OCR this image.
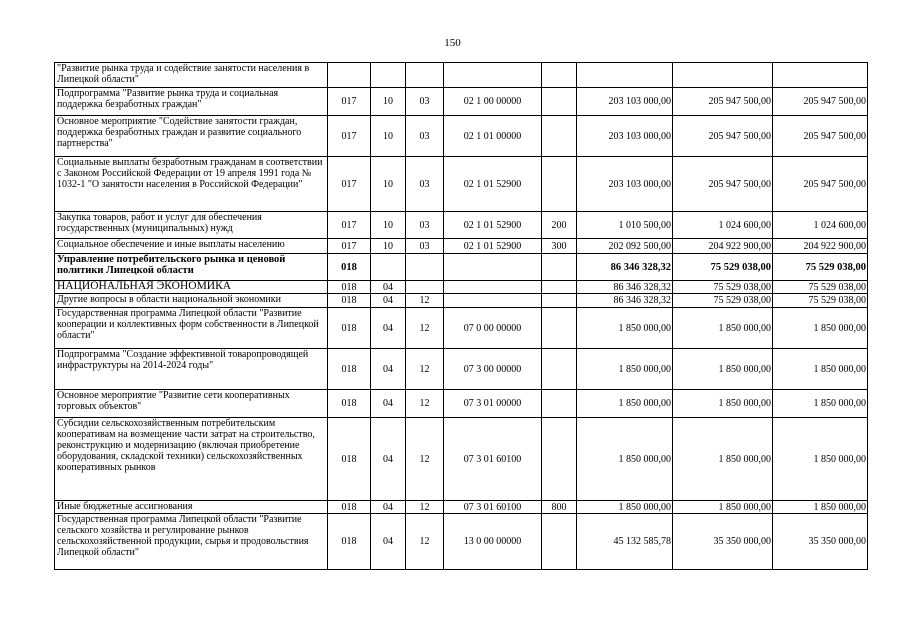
150
"Развитие рынка труда и содействие занятости населения в Липецкой области"								
Подпрограмма "Развитие рынка труда и социальная поддержка безработных граждан"	017	10	03	02 1 00 00000		203 103 000,00	205 947 500,00	205 947 500,00
Основное мероприятие "Содействие занятости граждан, поддержка безработных граждан и развитие социального партнерства"	017	10	03	02 1 01 00000		203 103 000,00	205 947 500,00	205 947 500,00
Социальные выплаты безработным гражданам в соответствии с Законом Российской Федерации от 19 апреля 1991 года № 1032-1 "О занятости населения в Российской Федерации"	017	10	03	02 1 01 52900		203 103 000,00	205 947 500,00	205 947 500,00
Закупка товаров, работ и услуг для обеспечения государственных (муниципальных) нужд	017	10	03	02 1 01 52900	200	1 010 500,00	1 024 600,00	1 024 600,00
Социальное обеспечение и иные выплаты населению	017	10	03	02 1 01 52900	300	202 092 500,00	204 922 900,00	204 922 900,00
Управление потребительского рынка и ценовой политики Липецкой области	018					86 346 328,32	75 529 038,00	75 529 038,00
НАЦИОНАЛЬНАЯ ЭКОНОМИКА	018	04				86 346 328,32	75 529 038,00	75 529 038,00
Другие вопросы в области национальной экономики	018	04	12			86 346 328,32	75 529 038,00	75 529 038,00
Государственная программа Липецкой области "Развитие кооперации и коллективных форм собственности в Липецкой области"	018	04	12	07 0 00 00000		1 850 000,00	1 850 000,00	1 850 000,00
Подпрограмма "Создание эффективной товаропроводящей инфраструктуры на 2014-2024 годы"	018	04	12	07 3 00 00000		1 850 000,00	1 850 000,00	1 850 000,00
Основное мероприятие "Развитие сети кооперативных торговых объектов"	018	04	12	07 3 01 00000		1 850 000,00	1 850 000,00	1 850 000,00
Субсидии сельскохозяйственным потребительским кооперативам на возмещение части затрат на строительство, реконструкцию и модернизацию (включая приобретение оборудования, складской техники) сельскохозяйственных кооперативных рынков	018	04	12	07 3 01 60100		1 850 000,00	1 850 000,00	1 850 000,00
Иные бюджетные ассигнования	018	04	12	07 3 01 60100	800	1 850 000,00	1 850 000,00	1 850 000,00
Государственная программа Липецкой области "Развитие сельского хозяйства и регулирование рынков сельскохозяйственной продукции, сырья и продовольствия Липецкой области"	018	04	12	13 0 00 00000		45 132 585,78	35 350 000,00	35 350 000,00
